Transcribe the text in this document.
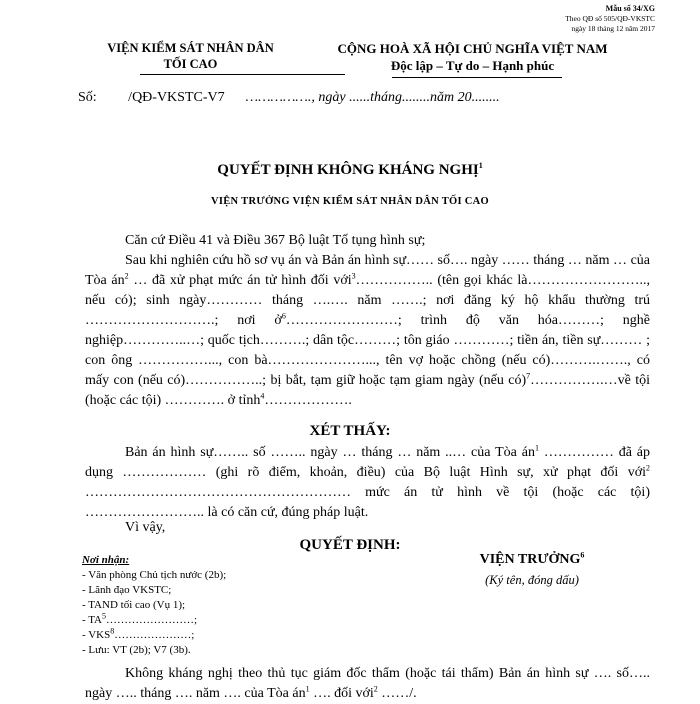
Mẫu số 34/XG
Theo QĐ số 505/QĐ-VKSTC
ngày 18 tháng 12 năm 2017
VIỆN KIỂM SÁT NHÂN DÂN
TỐI CAO
CỘNG HOÀ XÃ HỘI CHỦ NGHĨA VIỆT NAM
Độc lập – Tự do – Hạnh phúc
Số:         /QĐ-VKSTC-V7 ……………., ngày ......tháng........năm 20........
QUYẾT ĐỊNH KHÔNG KHÁNG NGHỊ$^1$
VIỆN TRƯỞNG VIỆN KIỂM SÁT NHÂN DÂN TỐI CAO
Căn cứ Điều 41 và Điều 367 Bộ luật Tố tụng hình sự;
Sau khi nghiên cứu hồ sơ vụ án và Bản án hình sự…… số…. ngày …… tháng … năm … của Tòa $án^2$ … đã xử phạt mức án tử hình đối với$^3$…………….. (tên gọi khác là…………………….., nếu có); sinh ngày………… tháng ….…. năm …….; nơi đăng ký hộ khẩu thường trú ……………………….; nơi ở$^6$……………………; trình độ văn hóa………; nghề nghiệp…………..…; quốc tịch……….; dân tộc………; tôn giáo …………; tiền án, tiền sự……… ; con ông ……………..., con bà…………………..., tên vợ hoặc chồng (nếu có)……….……., có mấy con (nếu có)……………..; bị bắt, tạm giữ hoặc tạm giam ngày (nếu có)$^7$…………….…về tội (hoặc các tội) …………. ở tỉnh$^4$……………….
XÉT THẤY:
Bản án hình sự…….. số …….. ngày … tháng … năm ..… của Tòa $án^1$ …………… đã áp dụng ……………… (ghi rõ điểm, khoản, điều) của Bộ luật Hình sự, xử phạt đối với$^2$ ………………………………………………… mức án tử hình về tội (hoặc các tội) …………………….. là có căn cứ, đúng pháp luật.
Vì vậy,
QUYẾT ĐỊNH:
Nơi nhận:
- Văn phòng Chủ tịch nước (2b);
- Lãnh đạo VKSTC;
- TAND tối cao (Vụ 1);
- $TA^5\dots\dots\dots\dots\dots\dots\dots\dots$;
- VKS$^8$…………………;
- Lưu: VT (2b); V7 (3b).
VIỆN TRƯỞNG$^6$
(Ký tên, đóng dấu)
Không kháng nghị theo thủ tục giám đốc thẩm (hoặc tái thẩm) Bản án hình sự …. số….. ngày ….. tháng …. năm …. của Tòa $án^1$ …. đối với$^2$ ……/.
